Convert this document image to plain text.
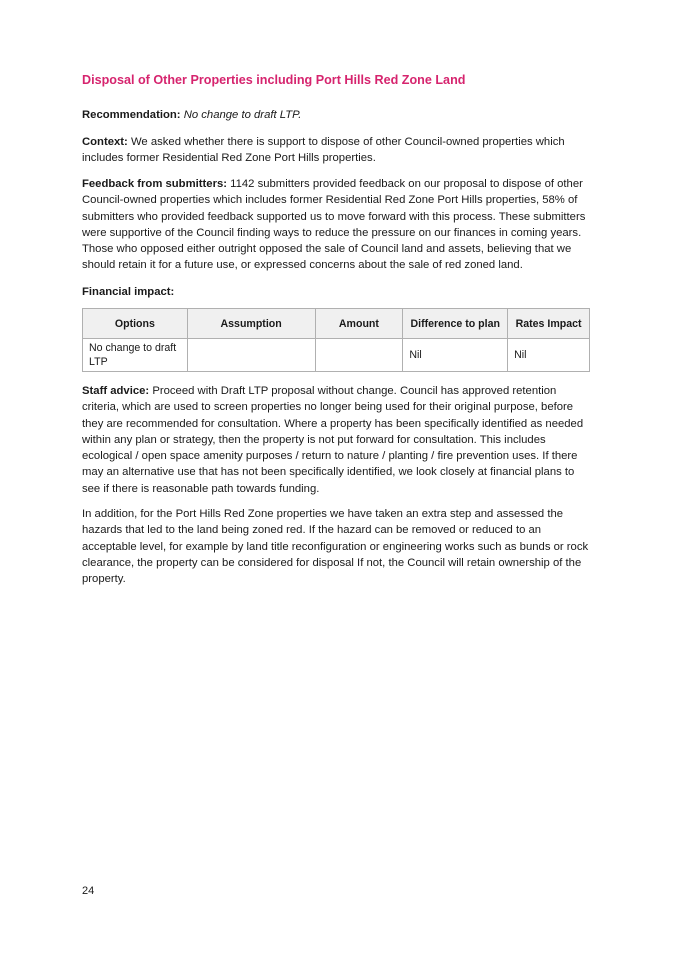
Disposal of Other Properties including Port Hills Red Zone Land
Recommendation: No change to draft LTP.
Context: We asked whether there is support to dispose of other Council-owned properties which includes former Residential Red Zone Port Hills properties.
Feedback from submitters: 1142 submitters provided feedback on our proposal to dispose of other Council-owned properties which includes former Residential Red Zone Port Hills properties, 58% of submitters who provided feedback supported us to move forward with this process. These submitters were supportive of the Council finding ways to reduce the pressure on our finances in coming years. Those who opposed either outright opposed the sale of Council land and assets, believing that we should retain it for a future use, or expressed concerns about the sale of red zoned land.
Financial impact:
Options	Assumption	Amount	Difference to plan	Rates Impact
No change to draft LTP			Nil	Nil
Staff advice: Proceed with Draft LTP proposal without change. Council has approved retention criteria, which are used to screen properties no longer being used for their original purpose, before they are recommended for consultation. Where a property has been specifically identified as needed within any plan or strategy, then the property is not put forward for consultation. This includes ecological / open space amenity purposes / return to nature / planting / fire prevention uses. If there may an alternative use that has not been specifically identified, we look closely at financial plans to see if there is reasonable path towards funding.
In addition, for the Port Hills Red Zone properties we have taken an extra step and assessed the hazards that led to the land being zoned red. If the hazard can be removed or reduced to an acceptable level, for example by land title reconfiguration or engineering works such as bunds or rock clearance, the property can be considered for disposal If not, the Council will retain ownership of the property.
24
